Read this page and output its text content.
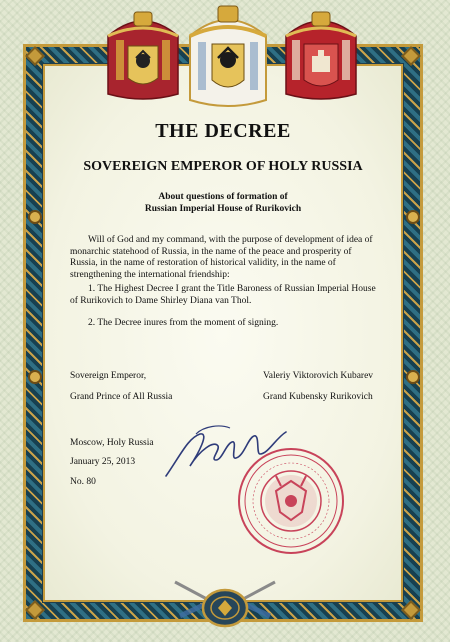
THE DECREE
SOVEREIGN EMPEROR OF HOLY RUSSIA
About questions of formation of
Russian Imperial House of Rurikovich

Will of God and my command, with the purpose of development of idea of monarchic statehood of Russia, in the name of the peace and prosperity of Russia, in the name of restoration of historical validity, in the name of strengthening the international friendship:

1. The Highest Decree I grant the Title Baroness of Russian Imperial House of Rurikovich to Dame Shirley Diana van Thol.

2. The Decree inures from the moment of signing.

Sovereign Emperor,
Grand Prince of All Russia
Valeriy Viktorovich Kubarev
Grand Kubensky Rurikovich
Moscow, Holy Russia
January 25, 2013
No. 80
